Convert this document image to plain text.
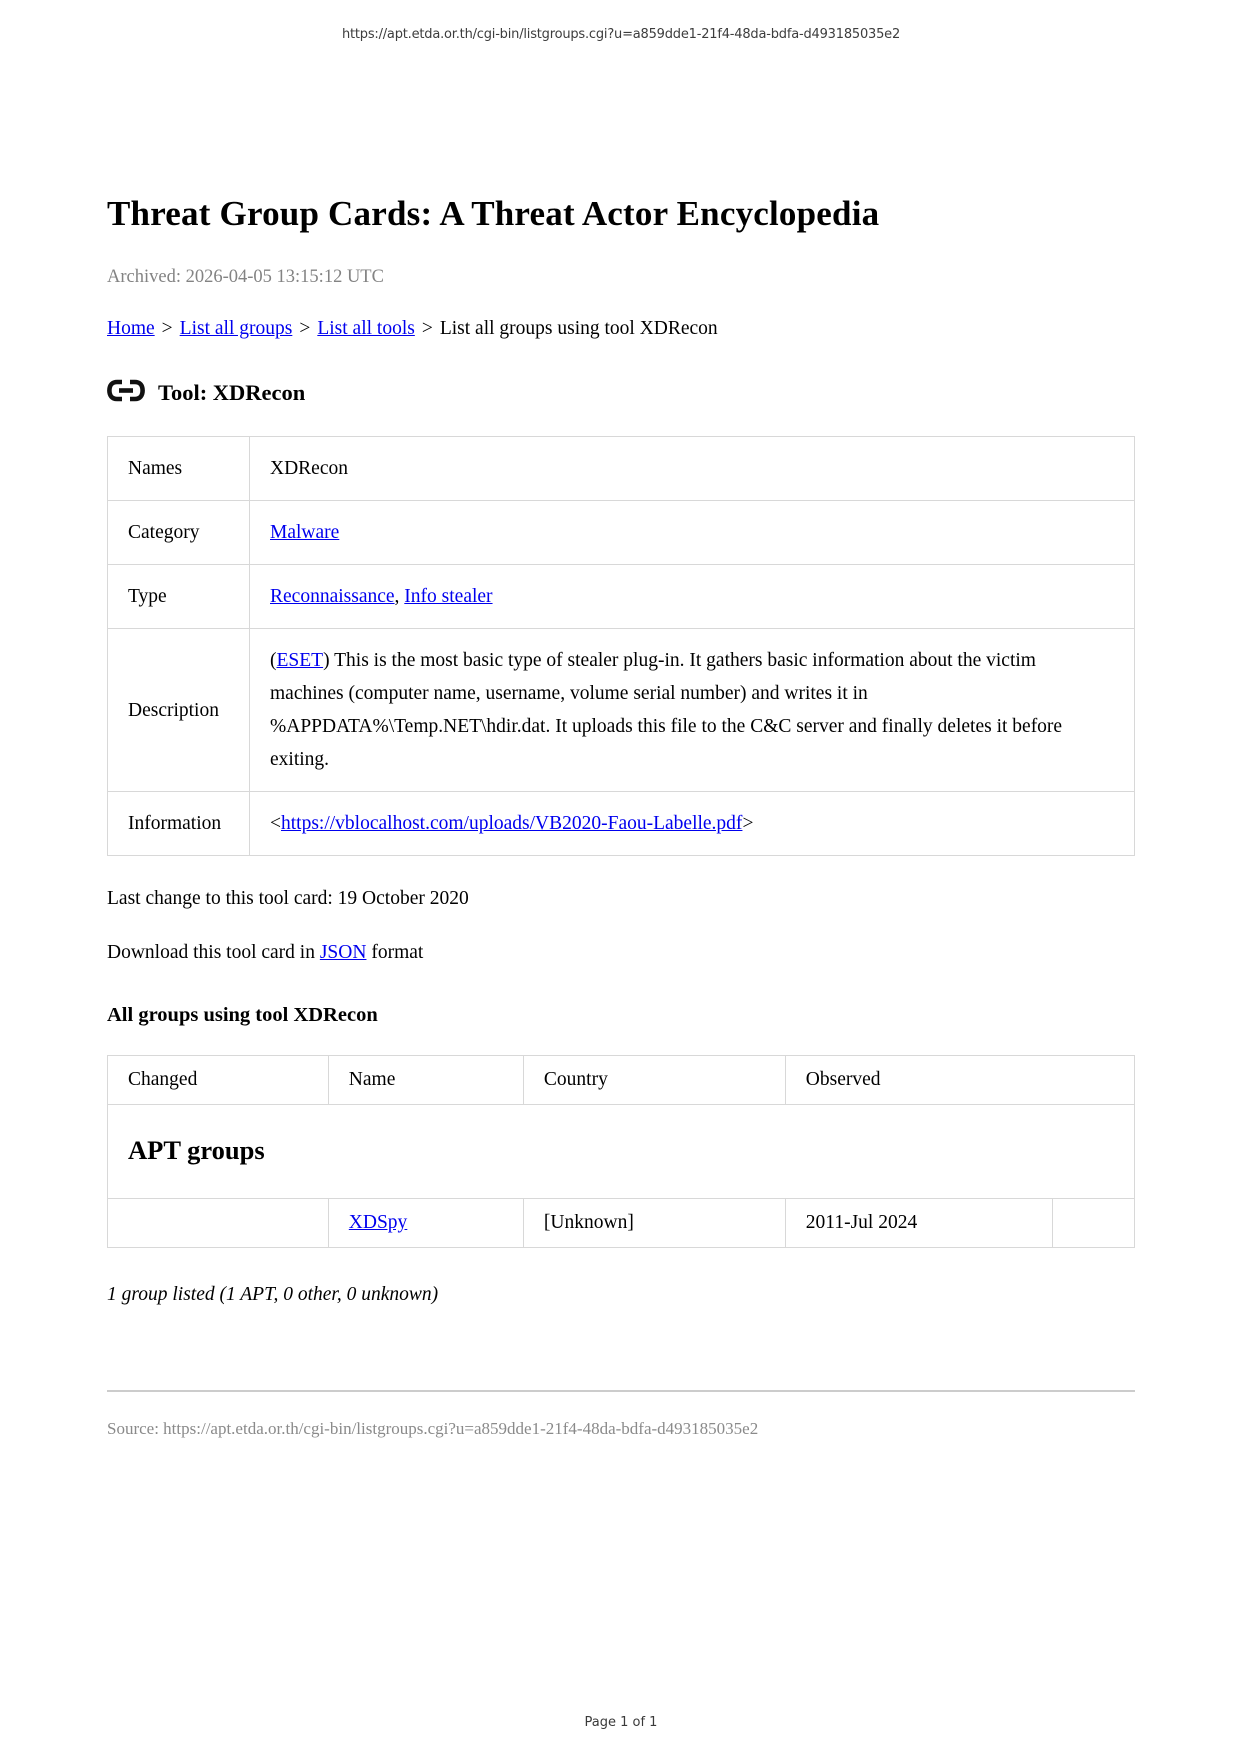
https://apt.etda.or.th/cgi-bin/listgroups.cgi?u=a859dde1-21f4-48da-bdfa-d493185035e2
Threat Group Cards: A Threat Actor Encyclopedia
Archived: 2026-04-05 13:15:12 UTC
Home > List all groups > List all tools > List all groups using tool XDRecon
Tool: XDRecon
Names	XDRecon
Category	Malware
Type	Reconnaissance, Info stealer
Description	(ESET) This is the most basic type of stealer plug-in. It gathers basic information about the victim machines (computer name, username, volume serial number) and writes it in %APPDATA%\Temp.NET\hdir.dat. It uploads this file to the C&C server and finally deletes it before exiting.
Information	<https://vblocalhost.com/uploads/VB2020-Faou-Labelle.pdf>
Last change to this tool card: 19 October 2020
Download this tool card in JSON format
All groups using tool XDRecon
Changed	Name	Country	Observed	
APT groups				
	XDSpy	[Unknown]	2011-Jul 2024	
1 group listed (1 APT, 0 other, 0 unknown)
Source: https://apt.etda.or.th/cgi-bin/listgroups.cgi?u=a859dde1-21f4-48da-bdfa-d493185035e2
Page 1 of 1
